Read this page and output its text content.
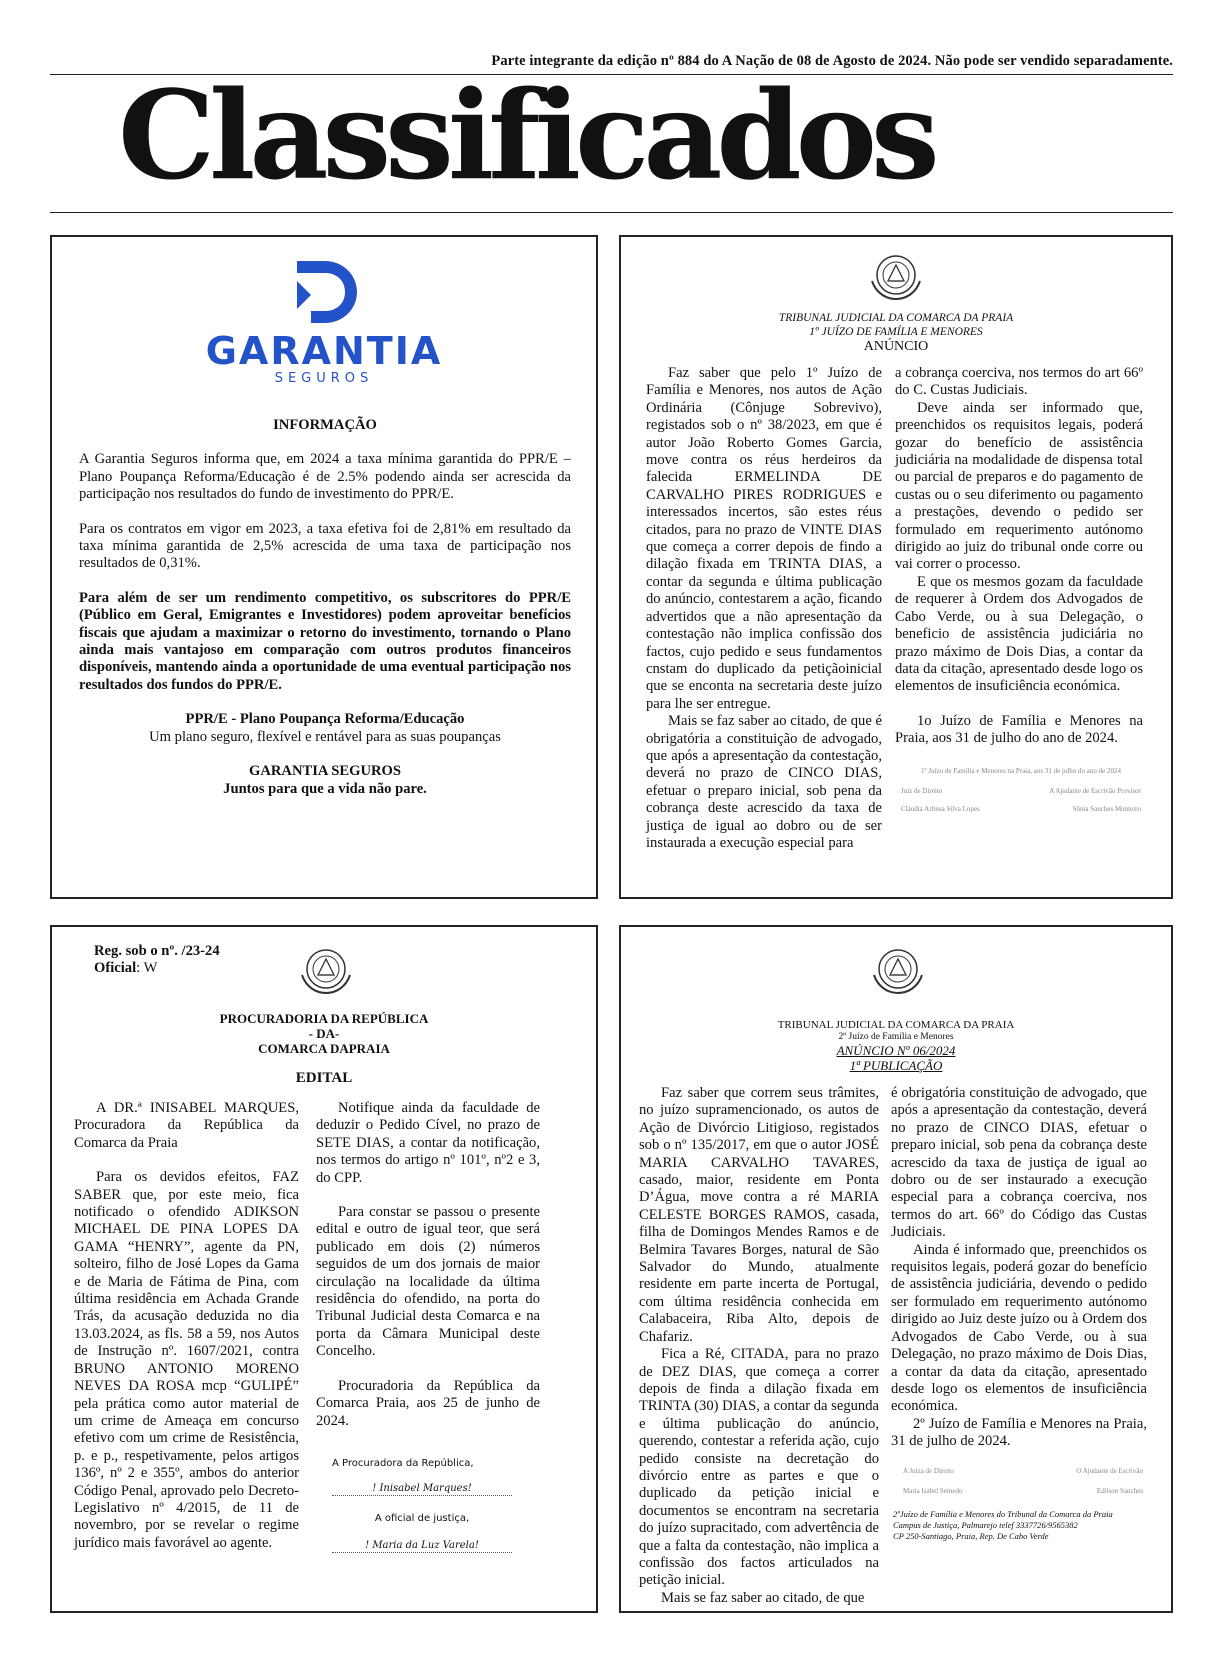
Parte integrante da edição nº 884 do A Nação de 08 de Agosto de 2024. Não pode ser vendido separadamente.
Classificados
GARANTIA
SEGUROS

INFORMAÇÃO

A Garantia Seguros informa que, em 2024 a taxa mínima garantida do PPR/E – Plano Poupança Reforma/Educação é de 2.5% podendo ainda ser acrescida da participação nos resultados do fundo de investimento do PPR/E.

Para os contratos em vigor em 2023, a taxa efetiva foi de 2,81% em resultado da taxa mínima garantida de 2,5% acrescida de uma taxa de participação nos resultados de 0,31%.

Para além de ser um rendimento competitivo, os subscritores do PPR/E (Público em Geral, Emigrantes e Investidores) podem aproveitar benefícios fiscais que ajudam a maximizar o retorno do investimento, tornando o Plano ainda mais vantajoso em comparação com outros produtos financeiros disponíveis, mantendo ainda a oportunidade de uma eventual participação nos resultados dos fundos do PPR/E.

PPR/E - Plano Poupança Reforma/Educação

Um plano seguro, flexível e rentável para as suas poupanças

GARANTIA SEGUROS

Juntos para que a vida não pare.

TRIBUNAL JUDICIAL DA COMARCA DA PRAIA
1º JUÍZO DE FAMÍLIA E MENORES
ANÚNCIO

Faz saber que pelo 1º Juízo de Família e Menores, nos autos de Ação Ordinária (Cônjuge Sobrevivo), registados sob o nº 38/2023, em que é autor João Roberto Gomes Garcia, move contra os réus herdeiros da falecida ERMELINDA DE CARVALHO PIRES RODRIGUES e interessados incertos, são estes réus citados, para no prazo de VINTE DIAS que começa a correr depois de findo a dilação fixada em TRINTA DIAS, a contar da segunda e última publicação do anúncio, contestarem a ação, ficando advertidos que a não apresentação da contestação não implica confissão dos factos, cujo pedido e seus fundamentos cnstam do duplicado da petiçãoinicial que se enconta na secretaria deste juízo para lhe ser entregue.

Mais se faz saber ao citado, de que é obrigatória a constituição de advogado, que após a apresentação da contestação, deverá no prazo de CINCO DIAS, efetuar o preparo inicial, sob pena da cobrança deste acrescido da taxa de justiça de igual ao dobro ou de ser instaurada a execução especial para

a cobrança coerciva, nos termos do art 66º do C. Custas Judiciais.

Deve ainda ser informado que, preenchidos os requisitos legais, poderá gozar do benefício de assistência judiciária na modalidade de dispensa total ou parcial de preparos e do pagamento de custas ou o seu diferimento ou pagamento a prestações, devendo o pedido ser formulado em requerimento autónomo dirigido ao juiz do tribunal onde corre ou vai correr o processo.

E que os mesmos gozam da faculdade de requerer à Ordem dos Advogados de Cabo Verde, ou à sua Delegação, o beneficio de assistência judiciária no prazo máximo de Dois Dias, a contar da data da citação, apresentado desde logo os elementos de insuficiência económica.

1o Juízo de Família e Menores na Praia, aos 31 de julho do ano de 2024.

1º Juízo de Família e Menores na Praia, aos 31 de julho do ano de 2024
Juíz de Direito	A Ajudante de Escrivão Provisor
Cláudia Arlinsa Silva Lopes	Sônia Sanches Monteiro
Reg. sob o nº. /23-24
Oficial: W
PROCURADORIA DA REPÚBLICA
- DA-
COMARCA DAPRAIA
EDITAL

A DR.ª INISABEL MARQUES, Procuradora da República da Comarca da Praia

Para os devidos efeitos, FAZ SABER que, por este meio, fica notificado o ofendido ADIKSON MICHAEL DE PINA LOPES DA GAMA “HENRY”, agente da PN, solteiro, filho de José Lopes da Gama e de Maria de Fátima de Pina, com última residência em Achada Grande Trás, da acusação deduzida no dia 13.03.2024, as fls. 58 a 59, nos Autos de Instrução nº. 1607/2021, contra BRUNO ANTONIO MORENO NEVES DA ROSA mcp “GULIPÉ” pela prática como autor material de um crime de Ameaça em concurso efetivo com um crime de Resistência, p. e p., respetivamente, pelos artigos 136º, nº 2 e 355º, ambos do anterior Código Penal, aprovado pelo Decreto-Legislativo nº 4/2015, de 11 de novembro, por se revelar o regime jurídico mais favorável ao agente.

Notifique ainda da faculdade de deduzir o Pedido Cível, no prazo de SETE DIAS, a contar da notificação, nos termos do artigo nº 101º, nº2 e 3, do CPP.

Para constar se passou o presente edital e outro de igual teor, que será publicado em dois (2) números seguidos de um dos jornais de maior circulação na localidade da última residência do ofendido, na porta do Tribunal Judicial desta Comarca e na porta da Câmara Municipal deste Concelho.

Procuradoria da República da Comarca Praia, aos 25 de junho de 2024.

A Procuradora da República,
! Inisabel Marques!
A oficial de justiça,
! Maria da Luz Varela!
TRIBUNAL JUDICIAL DA COMARCA DA PRAIA
2º Juízo de Família e Menores
ANÚNCIO Nº 06/2024
1ª PUBLICAÇÃO

Faz saber que correm seus trâmites, no juízo supramencionado, os autos de Ação de Divórcio Litigioso, registados sob o nº 135/2017, em que o autor JOSÉ MARIA CARVALHO TAVARES, casado, maior, residente em Ponta D’Água, move contra a ré MARIA CELESTE BORGES RAMOS, casada, filha de Domingos Mendes Ramos e de Belmira Tavares Borges, natural de São Salvador do Mundo, atualmente residente em parte incerta de Portugal, com última residência conhecida em Calabaceira, Riba Alto, depois de Chafariz.

Fica a Ré, CITADA, para no prazo de DEZ DIAS, que começa a correr depois de finda a dilação fixada em TRINTA (30) DIAS, a contar da segunda e última publicação do anúncio, querendo, contestar a referida ação, cujo pedido consiste na decretação do divórcio entre as partes e que o duplicado da petição inicial e documentos se encontram na secretaria do juízo supracitado, com advertência de que a falta da contestação, não implica a confissão dos factos articulados na petição inicial.

Mais se faz saber ao citado, de que

é obrigatória constituição de advogado, que após a apresentação da contestação, deverá no prazo de CINCO DIAS, efetuar o preparo inicial, sob pena da cobrança deste acrescido da taxa de justiça de igual ao dobro ou de ser instaurado a execução especial para a cobrança coerciva, nos termos do art. 66º do Código das Custas Judiciais.

Ainda é informado que, preenchidos os requisitos legais, poderá gozar do benefício de assistência judiciária, devendo o pedido ser formulado em requerimento autónomo dirigido ao Juiz deste juízo ou à Ordem dos Advogados de Cabo Verde, ou à sua Delegação, no prazo máximo de Dois Dias, a contar da data da citação, apresentado desde logo os elementos de insuficiência económica.

2º Juízo de Família e Menores na Praia, 31 de julho de 2024.

A Juíza de Direito	O Ajudante de Escrivão
Maria Isabel Semedo	Edilson Sanches
2ºJuízo de Família e Menores do Tribunal da Comarca da Praia
Campus de Justiça, Palmarejo telef 3337726/9565382
CP 250-Santiago, Praia, Rep. De Cabo Verde
